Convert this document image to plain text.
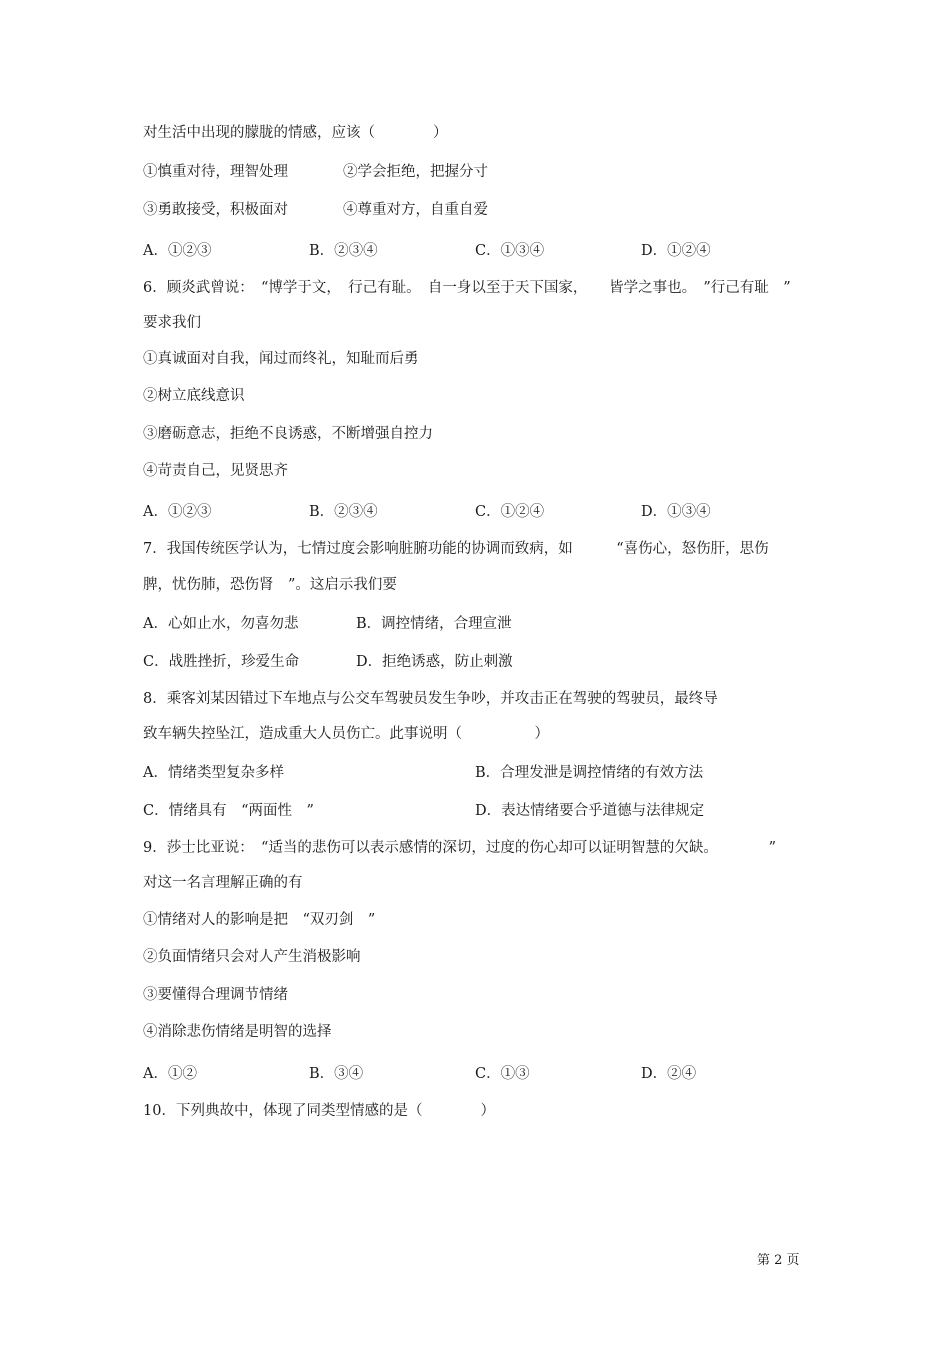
对生活中出现的朦胧的情感，应该（　　　　）
①慎重对待，理智处理	②学会拒绝，把握分寸
③勇敢接受，积极面对	④尊重对方，自重自爱
A．①②③	B．②③④	C．①③④	D．①②④
6．顾炎武曾说：　“博学于文，　行己有耻。　自一身以至于天下国家，　　皆学之事也。　”行己有耻　”
要求我们
①真诚面对自我，闻过而终礼，知耻而后勇
②树立底线意识
③磨砺意志，拒绝不良诱惑，不断增强自控力
④苛责自己，见贤思齐
A．①②③	B．②③④	C．①②④	D．①③④
7．我国传统医学认为，七情过度会影响脏腑功能的协调而致病，如　　　“喜伤心，怒伤肝，思伤
脾，忧伤肺，恐伤肾　”。这启示我们要
A．心如止水，勿喜勿悲	B．调控情绪，合理宣泄
C．战胜挫折，珍爱生命	D．拒绝诱惑，防止刺激
8．乘客刘某因错过下车地点与公交车驾驶员发生争吵，并攻击正在驾驶的驾驶员，最终导
致车辆失控坠江，造成重大人员伤亡。此事说明（　　　　　）
A．情绪类型复杂多样	B．合理发泄是调控情绪的有效方法
C．情绪具有　“两面性　”	D．表达情绪要合乎道德与法律规定
9．莎士比亚说：　“适当的悲伤可以表示感情的深切，过度的伤心却可以证明智慧的欠缺。　　　　”
对这一名言理解正确的有
①情绪对人的影响是把　“双刃剑　”
②负面情绪只会对人产生消极影响
③要懂得合理调节情绪
④消除悲伤情绪是明智的选择
A．①②	B．③④	C．①③	D．②④
10．下列典故中，体现了同类型情感的是（　　　　）
第 2 页
